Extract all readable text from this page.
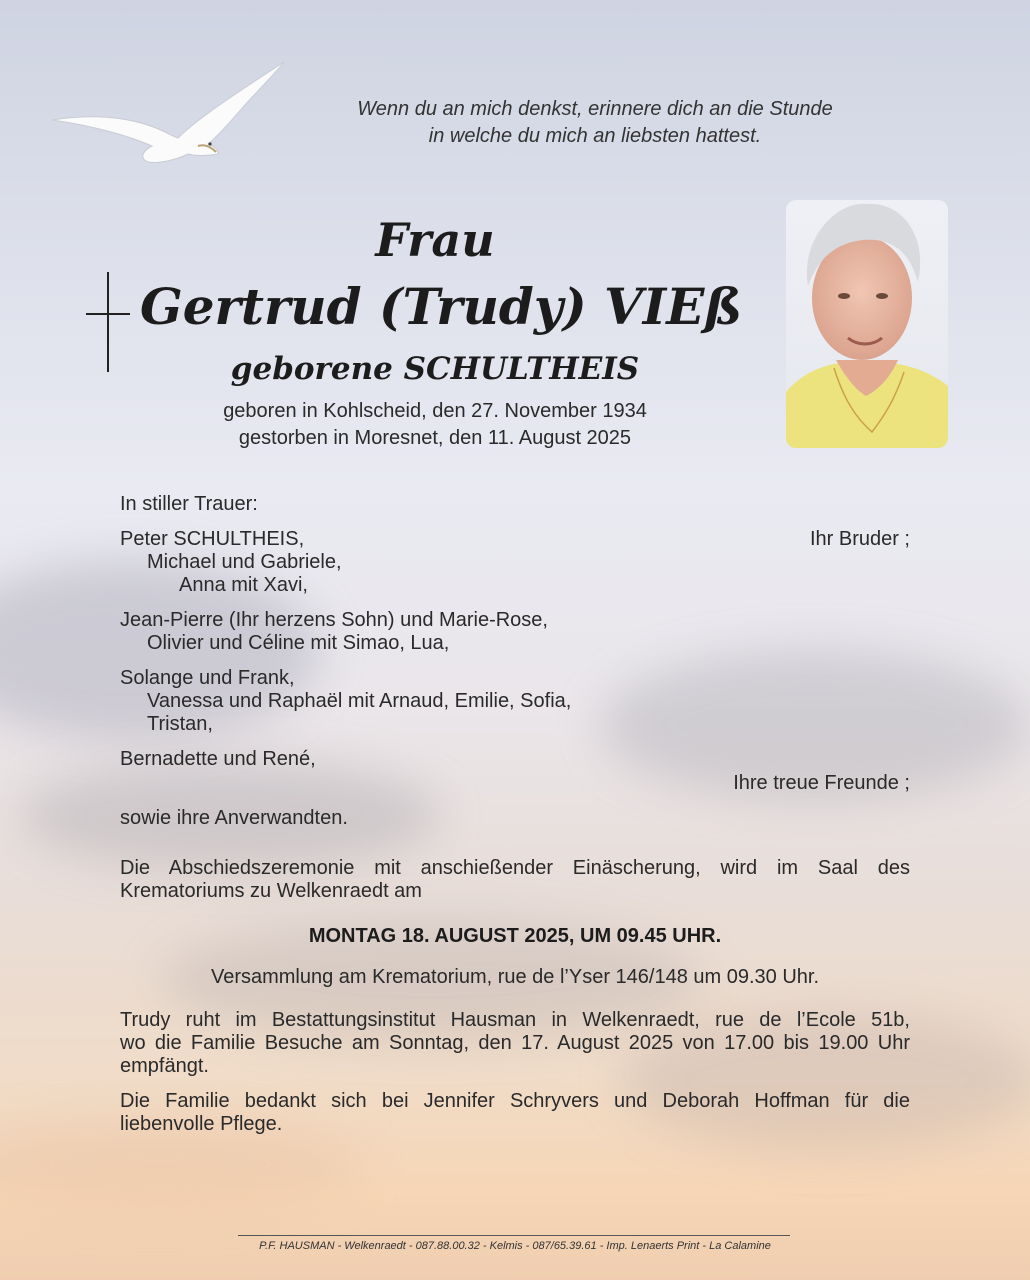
Wenn du an mich denkst, erinnere dich an die Stunde
in welche du mich an liebsten hattest.
Frau
Gertrud (Trudy) VIEß
geborene SCHULTHEIS
geboren in Kohlscheid, den 27. November 1934
gestorben in Moresnet, den 11. August 2025
In stiller Trauer:
Peter SCHULTHEIS,
Michael und Gabriele,
Anna mit Xavi,
Ihr Bruder ;
Jean-Pierre (Ihr herzens Sohn) und Marie-Rose,
Olivier und Céline mit Simao, Lua,
Solange und Frank,
Vanessa und Raphaël mit Arnaud, Emilie, Sofia,
Tristan,
Bernadette und René,
Ihre treue Freunde ;
sowie ihre Anverwandten.
Die Abschiedszeremonie mit anschießender Einäscherung, wird im Saal des
Krematoriums zu Welkenraedt am
MONTAG 18. AUGUST 2025, UM 09.45 UHR.
Versammlung am Krematorium, rue de l’Yser 146/148 um 09.30 Uhr.
Trudy ruht im Bestattungsinstitut Hausman in Welkenraedt, rue de l’Ecole 51b,
wo die Familie Besuche am Sonntag, den 17. August 2025 von 17.00 bis 19.00 Uhr
empfängt.
Die Familie bedankt sich bei Jennifer Schryvers und Deborah Hoffman für die
liebenvolle Pflege.
P.F. HAUSMAN - Welkenraedt - 087.88.00.32 - Kelmis - 087/65.39.61 - Imp. Lenaerts Print - La Calamine
